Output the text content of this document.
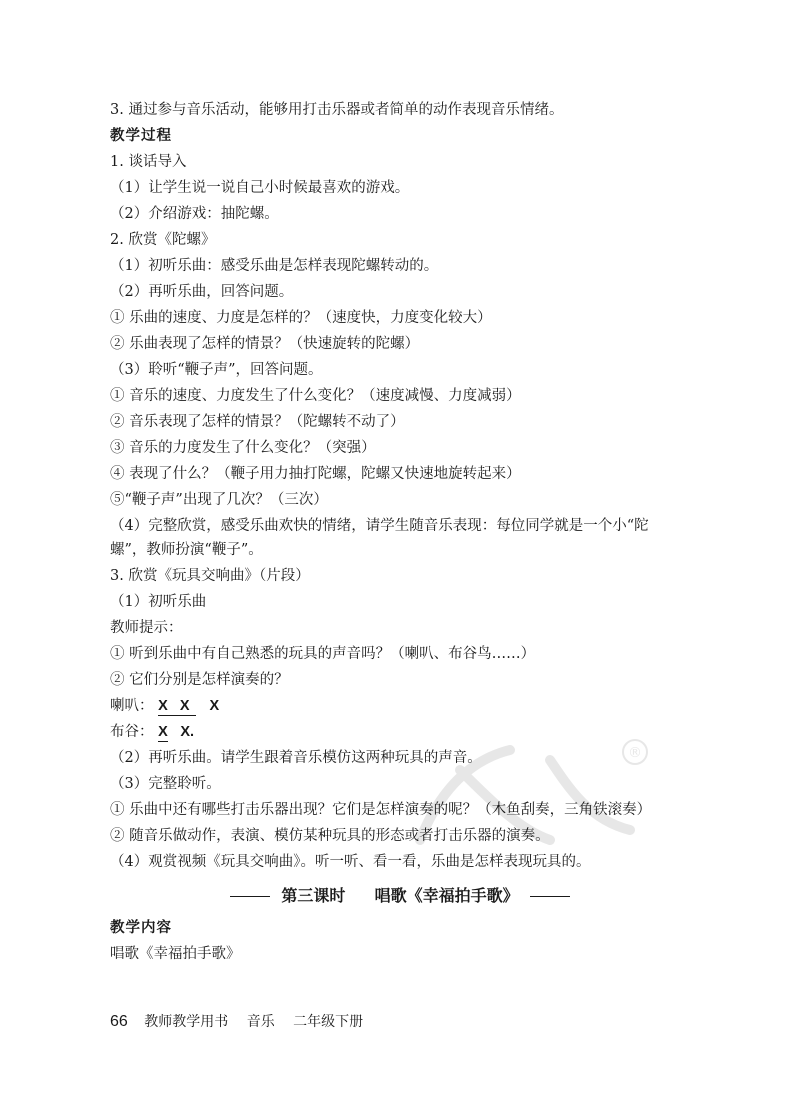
3. 通过参与音乐活动，能够用打击乐器或者简单的动作表现音乐情绪。
教学过程
1. 谈话导入
（1）让学生说一说自己小时候最喜欢的游戏。
（2）介绍游戏：抽陀螺。
2. 欣赏《陀螺》
（1）初听乐曲：感受乐曲是怎样表现陀螺转动的。
（2）再听乐曲，回答问题。
① 乐曲的速度、力度是怎样的？（速度快，力度变化较大）
② 乐曲表现了怎样的情景？（快速旋转的陀螺）
（3）聆听“鞭子声”，回答问题。
① 音乐的速度、力度发生了什么变化？（速度减慢、力度减弱）
② 音乐表现了怎样的情景？（陀螺转不动了）
③ 音乐的力度发生了什么变化？（突强）
④ 表现了什么？（鞭子用力抽打陀螺，陀螺又快速地旋转起来）
⑤“鞭子声”出现了几次？（三次）
（4）完整欣赏，感受乐曲欢快的情绪，请学生随音乐表现：每位同学就是一个小“陀
螺”，教师扮演“鞭子”。
3. 欣赏《玩具交响曲》（片段）
（1）初听乐曲
教师提示：
① 听到乐曲中有自己熟悉的玩具的声音吗？（喇叭、布谷鸟……）
② 它们分别是怎样演奏的？
喇叭： X X X
布谷： X X.
（2）再听乐曲。请学生跟着音乐模仿这两种玩具的声音。
（3）完整聆听。
① 乐曲中还有哪些打击乐器出现？它们是怎样演奏的呢？（木鱼刮奏，三角铁滚奏）
② 随音乐做动作，表演、模仿某种玩具的形态或者打击乐器的演奏。
（4）观赏视频《玩具交响曲》。听一听、看一看，乐曲是怎样表现玩具的。
第三课时 唱歌《幸福拍手歌》
教学内容
唱歌《幸福拍手歌》
66 教师教学用书 音乐 二年级下册
®
